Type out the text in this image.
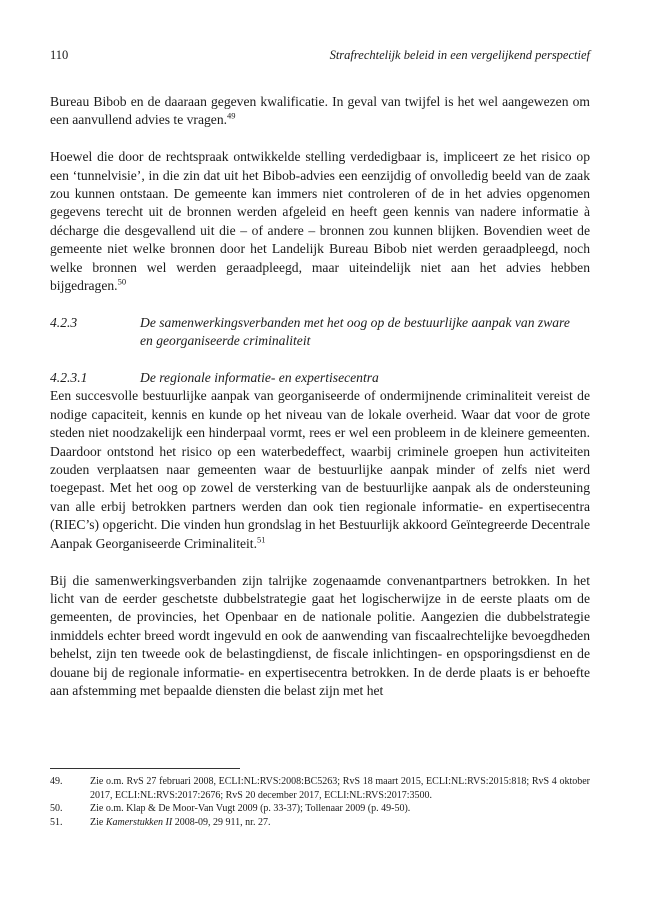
110	Strafrechtelijk beleid in een vergelijkend perspectief

Bureau Bibob en de daaraan gegeven kwalificatie. In geval van twijfel is het wel aangewezen om een aanvullend advies te vragen.$^{49}$

Hoewel die door de rechtspraak ontwikkelde stelling verdedigbaar is, impliceert ze het risico op een ‘tunnelvisie’, in die zin dat uit het Bibob-advies een eenzijdig of onvolledig beeld van de zaak zou kunnen ontstaan. De gemeente kan immers niet controleren of de in het advies opgenomen gegevens terecht uit de bronnen werden afgeleid en heeft geen kennis van nadere informatie à décharge die desgevallend uit die – of andere – bronnen zou kunnen blijken. Bovendien weet de gemeente niet welke bronnen door het Landelijk Bureau Bibob niet werden geraadpleegd, noch welke bronnen wel werden geraadpleegd, maar uiteindelijk niet aan het advies hebben bijgedragen.$^{50}$

4.2.3	De samenwerkingsverbanden met het oog op de bestuurlijke aanpak van zware en georganiseerde criminaliteit
4.2.3.1	De regionale informatie- en expertisecentra

Een succesvolle bestuurlijke aanpak van georganiseerde of ondermijnende criminaliteit vereist de nodige capaciteit, kennis en kunde op het niveau van de lokale overheid. Waar dat voor de grote steden niet noodzakelijk een hinderpaal vormt, rees er wel een probleem in de kleinere gemeenten. Daardoor ontstond het risico op een waterbedeffect, waarbij criminele groepen hun activiteiten zouden verplaatsen naar gemeenten waar de bestuurlijke aanpak minder of zelfs niet werd toegepast. Met het oog op zowel de versterking van de bestuurlijke aanpak als de ondersteuning van alle erbij betrokken partners werden dan ook tien regionale informatie- en expertisecentra (RIEC’s) opgericht. Die vinden hun grondslag in het Bestuurlijk akkoord Geïntegreerde Decentrale Aanpak Georganiseerde Criminaliteit.$^{51}$

Bij die samenwerkingsverbanden zijn talrijke zogenaamde convenantpartners betrokken. In het licht van de eerder geschetste dubbelstrategie gaat het logischerwijze in de eerste plaats om de gemeenten, de provincies, het Openbaar en de nationale politie. Aangezien die dubbelstrategie inmiddels echter breed wordt ingevuld en ook de aanwending van fiscaalrechtelijke bevoegdheden behelst, zijn ten tweede ook de belastingdienst, de fiscale inlichtingen- en opsporingsdienst en de douane bij de regionale informatie- en expertisecentra betrokken. In de derde plaats is er behoefte aan afstemming met bepaalde diensten die belast zijn met het

49.	Zie o.m. RvS 27 februari 2008, ECLI:NL:RVS:2008:BC5263; RvS 18 maart 2015, ECLI:NL:RVS:2015:818; RvS 4 oktober 2017, ECLI:NL:RVS:2017:2676; RvS 20 december 2017, ECLI:NL:RVS:2017:3500.
50.	Zie o.m. Klap & De Moor-Van Vugt 2009 (p. 33-37); Tollenaar 2009 (p. 49-50).
51.	Zie Kamerstukken II 2008-09, 29 911, nr. 27.
